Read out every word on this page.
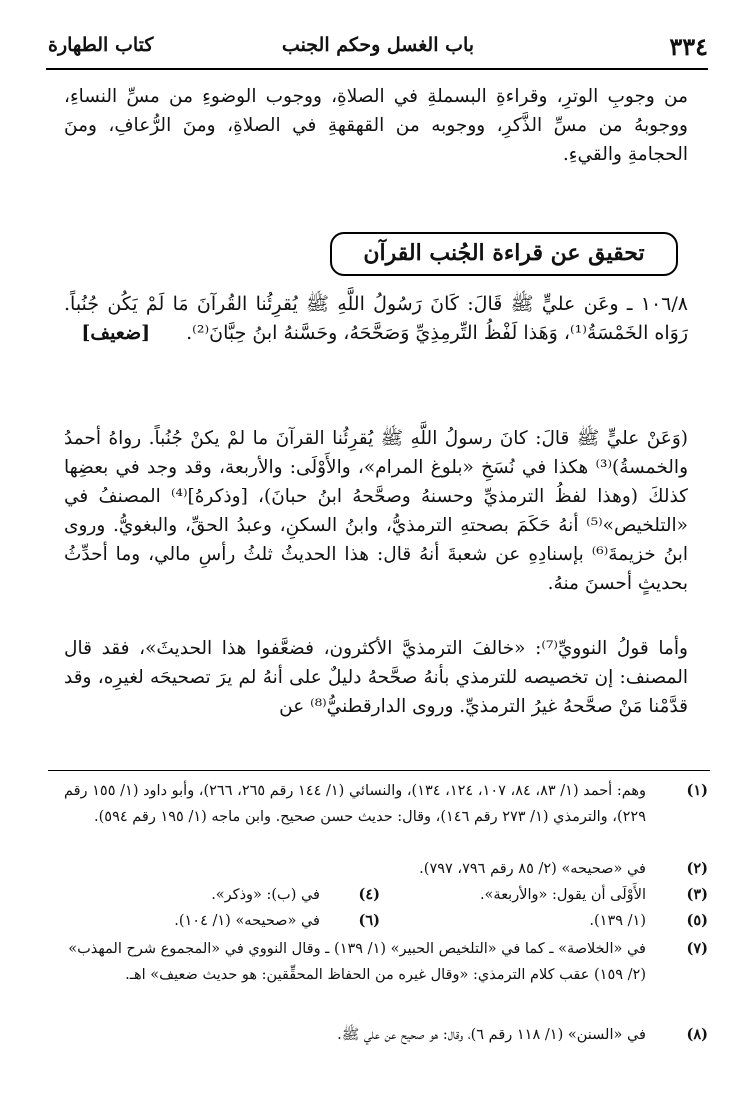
٣٣٤
باب الغسل وحكم الجنب
كتاب الطهارة

من وجوبِ الوترِ، وقراءةِ البسملةِ في الصلاةِ، ووجوب الوضوءِ من مسِّ النساءِ، ووجوبهُ من مسِّ الذَّكرِ، ووجوبه من القهقهةِ في الصلاةِ، ومنَ الرُّعافِ، ومنَ الحجامةِ والقيءِ.

تحقيق عن قراءة الجُنب القرآن

١٠٦/٨ ـ وعَن عليٍّ ﷺ قَالَ: كَانَ رَسُولُ اللَّهِ ﷺ يُقرِئُنا القُرآنَ مَا لَمْ يَكُن جُنُباً. رَوَاه الخَمْسَةُ⁽¹⁾، وَهَذا لَفْظُ التِّرمِذِيِّ وَصَحَّحَهُ، وحَسَّنهُ ابنُ حِبَّانَ⁽²⁾. [ضعيف]

(وَعَنْ عليٍّ ﷺ قالَ: كانَ رسولُ اللَّهِ ﷺ يُقرِئُنا القرآنَ ما لمْ يكنْ جُنُباً. رواهُ أحمدُ والخمسةُ)⁽³⁾ هكذا في نُسَخِ «بلوغ المرام»، والأَوْلَى: والأربعة، وقد وجد في بعضِها كذلكَ (وهذا لفظُ الترمذيِّ وحسنهُ وصحَّحهُ ابنُ حبانَ)، [وذكرهُ]⁽⁴⁾ المصنفُ في «التلخيص»⁽⁵⁾ أنهُ حَكَمَ بصحتهِ الترمذيُّ، وابنُ السكنِ، وعبدُ الحقِّ، والبغويُّ. وروى ابنُ خزيمةَ⁽⁶⁾ بإسنادِهِ عن شعبةَ أنهُ قال: هذا الحديثُ ثلثُ رأسِ مالي، وما أحدِّثُ بحديثٍ أحسنَ منهُ.

وأما قولُ النوويِّ⁽⁷⁾: «خالفَ الترمذيَّ الأكثرون، فضعَّفوا هذا الحديثَ»، فقد قال المصنف: إن تخصيصه للترمذي بأنهُ صحَّحهُ دليلٌ على أنهُ لم يرَ تصحيحَه لغيرِه، وقد قدَّمْنا مَنْ صحَّحهُ غيرُ الترمذيِّ. وروى الدارقطنيُّ⁽⁸⁾ عن

(١)
وهم: أحمد (١/ ٨٣، ٨٤، ١٠٧، ١٢٤، ١٣٤)، والنسائي (١/ ١٤٤ رقم ٢٦٥، ٢٦٦)، وأبو داود (١/ ١٥٥ رقم ٢٢٩)، والترمذي (١/ ٢٧٣ رقم ١٤٦)، وقال: حديث حسن صحيح. وابن ماجه (١/ ١٩٥ رقم ٥٩٤).
(٢)
في «صحيحه» (٢/ ٨٥ رقم ٧٩٦، ٧٩٧).
(٣)
الأَوْلَى أن يقول: «والأربعة».
(٤)
في (ب): «وذكر».
(٥)
(١/ ١٣٩).
(٦)
في «صحيحه» (١/ ١٠٤).
(٧)
في «الخلاصة» ـ كما في «التلخيص الحبير» (١/ ١٣٩) ـ وقال النووي في «المجموع شرح المهذب» (٢/ ١٥٩) عقب كلام الترمذي: «وقال غيره من الحفاظ المحقِّقين: هو حديث ضعيف» اهـ.
(٨)
في «السنن» (١/ ١١٨ رقم ٦)، وقال: هو صحيح عن علي ﷺ.
